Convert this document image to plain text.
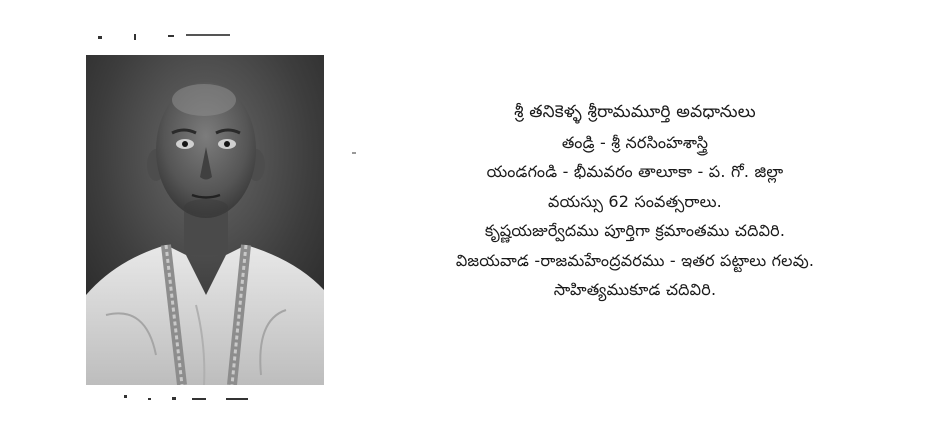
శ్రీ తనికెళ్ళ శ్రీరామమూర్తి అవధానులు
తండ్రి - శ్రీ నరసింహశాస్త్రి
యండగండి - భీమవరం తాలూకా - ప. గో. జిల్లా
వయస్సు 62 సంవత్సరాలు.
కృష్ణయజుర్వేదము పూర్తిగా క్రమాంతము చదివిరి.
విజయవాడ -రాజమహేంద్రవరము - ఇతర పట్టాలు గలవు.
సాహిత్యముకూడ చదివిరి.
